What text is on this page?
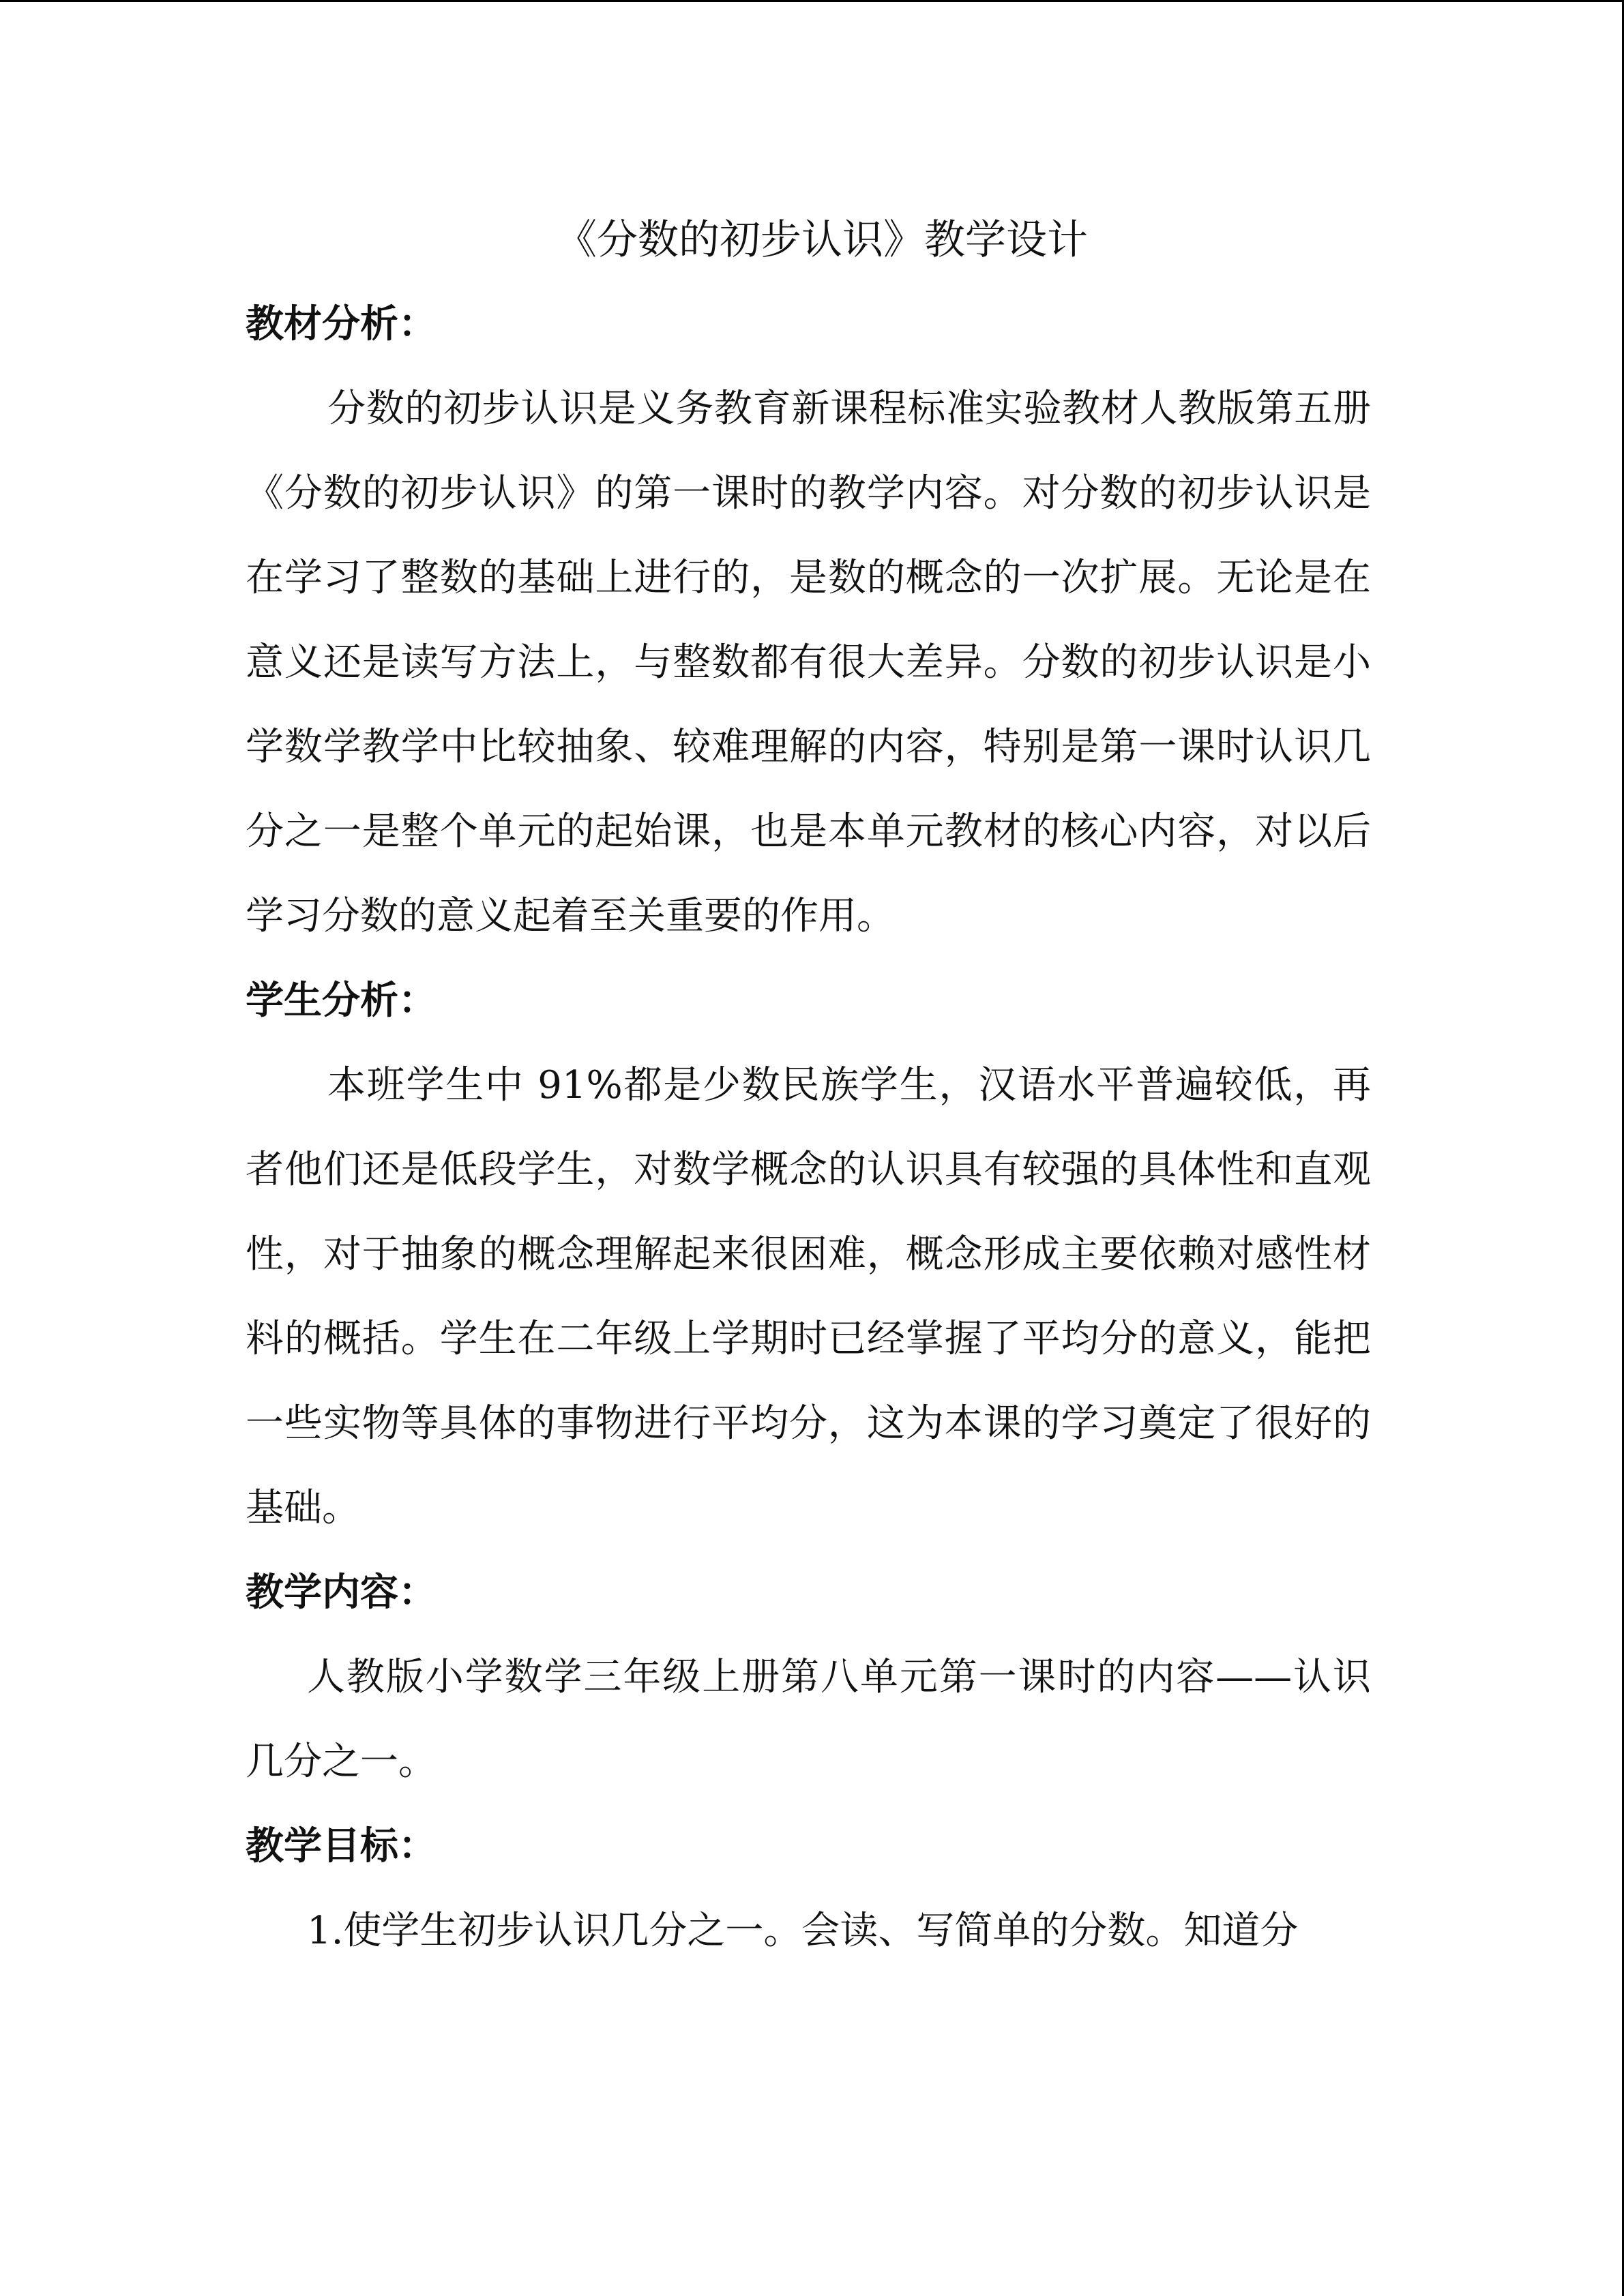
《分数的初步认识》教学设计
教材分析：

分数的初步认识是义务教育新课程标准实验教材人教版第五册《分数的初步认识》的第一课时的教学内容。对分数的初步认识是在学习了整数的基础上进行的，是数的概念的一次扩展。无论是在意义还是读写方法上，与整数都有很大差异。分数的初步认识是小学数学教学中比较抽象、较难理解的内容，特别是第一课时认识几分之一是整个单元的起始课，也是本单元教材的核心内容，对以后学习分数的意义起着至关重要的作用。

学生分析：

本班学生中 91%都是少数民族学生，汉语水平普遍较低，再者他们还是低段学生，对数学概念的认识具有较强的具体性和直观性，对于抽象的概念理解起来很困难，概念形成主要依赖对感性材料的概括。学生在二年级上学期时已经掌握了平均分的意义，能把一些实物等具体的事物进行平均分，这为本课的学习奠定了很好的基础。

教学内容：

人教版小学数学三年级上册第八单元第一课时的内容——认识几分之一。

教学目标：

1.使学生初步认识几分之一。会读、写简单的分数。知道分
